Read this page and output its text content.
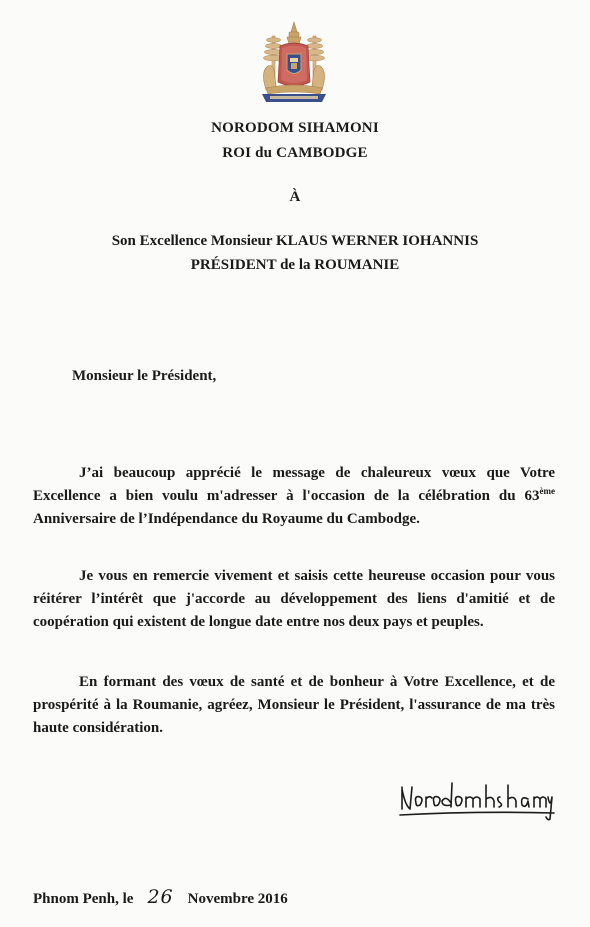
NORODOM SIHAMONI
ROI du CAMBODGE
À
Son Excellence Monsieur KLAUS WERNER IOHANNIS
PRÉSIDENT de la ROUMANIE
Monsieur le Président,
J’ai beaucoup apprécié le message de chaleureux vœux que Votre Excellence a bien voulu m'adresser à l'occasion de la célébration du 63ème Anniversaire de l’Indépendance du Royaume du Cambodge.
Je vous en remercie vivement et saisis cette heureuse occasion pour vous réitérer l’intérêt que j'accorde au développement des liens d'amitié et de coopération qui existent de longue date entre nos deux pays et peuples.
En formant des vœux de santé et de bonheur à Votre Excellence, et de prospérité à la Roumanie, agréez, Monsieur le Président, l'assurance de ma très haute considération.
Phnom Penh, le 26 Novembre 2016
